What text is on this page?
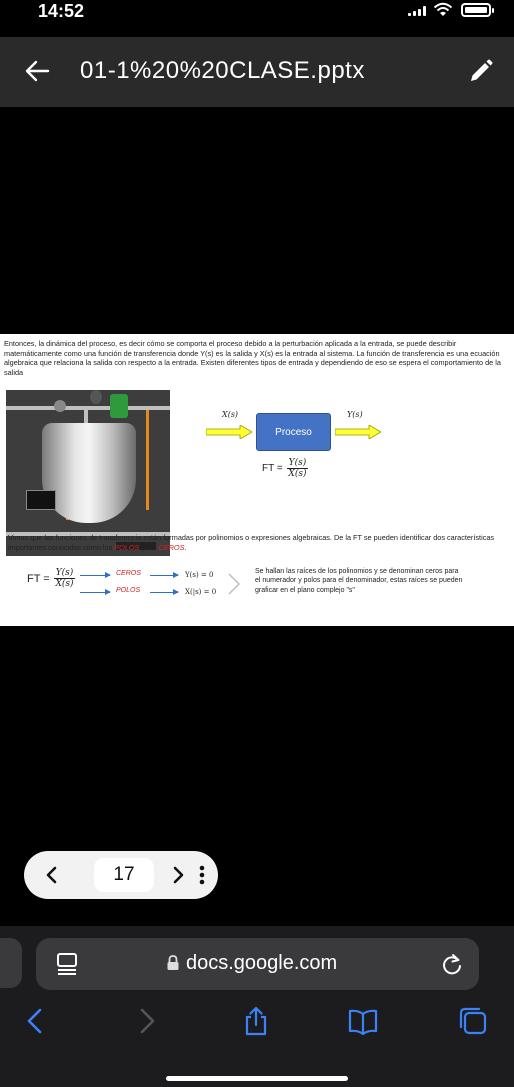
14:52
01-1%20%20CLASE.pptx
Entonces, la dinámica del proceso, es decir cómo se comporta el proceso debido a la perturbación aplicada a la entrada, se puede describir matemáticamente como una función de transferencia donde Y(s) es la salida y X(s) es la entrada al sistema. La función de transferencia es una ecuación algebraica que relaciona la salida con respecto a la entrada. Existen diferentes tipos de entrada y dependiendo de eso se espera el comportamiento de la salida
X(s)	Y(s)
Proceso
FT = $\frac{Y(s)}{X(s)}$
Vimos que las funciones de transferencia están formadas por polinomios o expresiones algebraicas. De la FT se pueden identificar dos características importantes conocidas como los POLOS y los CEROS.
FT = $\frac{Y(s)}{X(s)}$	CEROS
POLOS
Y(s) = 0
X(|s) = 0
Se hallan las raíces de los polinomios y se denominan ceros para el numerador y polos para el denominador, estas raíces se pueden graficar en el plano complejo "s"
17
docs.google.com
